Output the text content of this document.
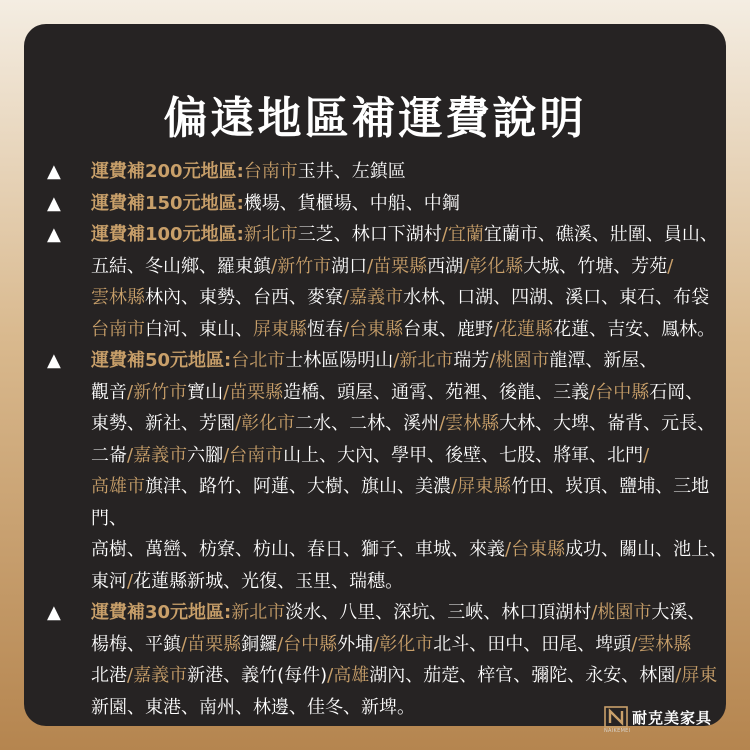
偏遠地區補運費說明
▲ 運費補200元地區:台南市玉井、左鎮區
▲ 運費補150元地區:機場、貨櫃場、中船、中鋼
▲ 運費補100元地區:新北市三芝、林口下湖村/宜蘭宜蘭市、礁溪、壯圍、員山、
五結、冬山鄉、羅東鎮/新竹市湖口/苗栗縣西湖/彰化縣大城、竹塘、芳苑/
雲林縣林內、東勢、台西、麥寮/嘉義市水林、口湖、四湖、溪口、東石、布袋
台南市白河、東山、屏東縣恆春/台東縣台東、鹿野/花蓮縣花蓮、吉安、鳳林。
▲ 運費補50元地區:台北市士林區陽明山/新北市瑞芳/桃園市龍潭、新屋、
觀音/新竹市寶山/苗栗縣造橋、頭屋、通霄、苑裡、後龍、三義/台中縣石岡、
東勢、新社、芳園/彰化市二水、二林、溪州/雲林縣大林、大埤、崙背、元長、
二崙/嘉義市六腳/台南市山上、大內、學甲、後壁、七股、將軍、北門/
高雄市旗津、路竹、阿蓮、大樹、旗山、美濃/屏東縣竹田、崁頂、鹽埔、三地門、
高樹、萬巒、枋寮、枋山、春日、獅子、車城、來義/台東縣成功、關山、池上、
東河/花蓮縣新城、光復、玉里、瑞穗。
▲ 運費補30元地區:新北市淡水、八里、深坑、三峽、林口頂湖村/桃園市大溪、
楊梅、平鎮/苗栗縣銅鑼/台中縣外埔/彰化市北斗、田中、田尾、埤頭/雲林縣
北港/嘉義市新港、義竹(每件)/高雄湖內、茄萣、梓官、彌陀、永安、林園/屏東
新園、東港、南州、林邊、佳冬、新埤。
NAIKEMEI
耐克美家具
